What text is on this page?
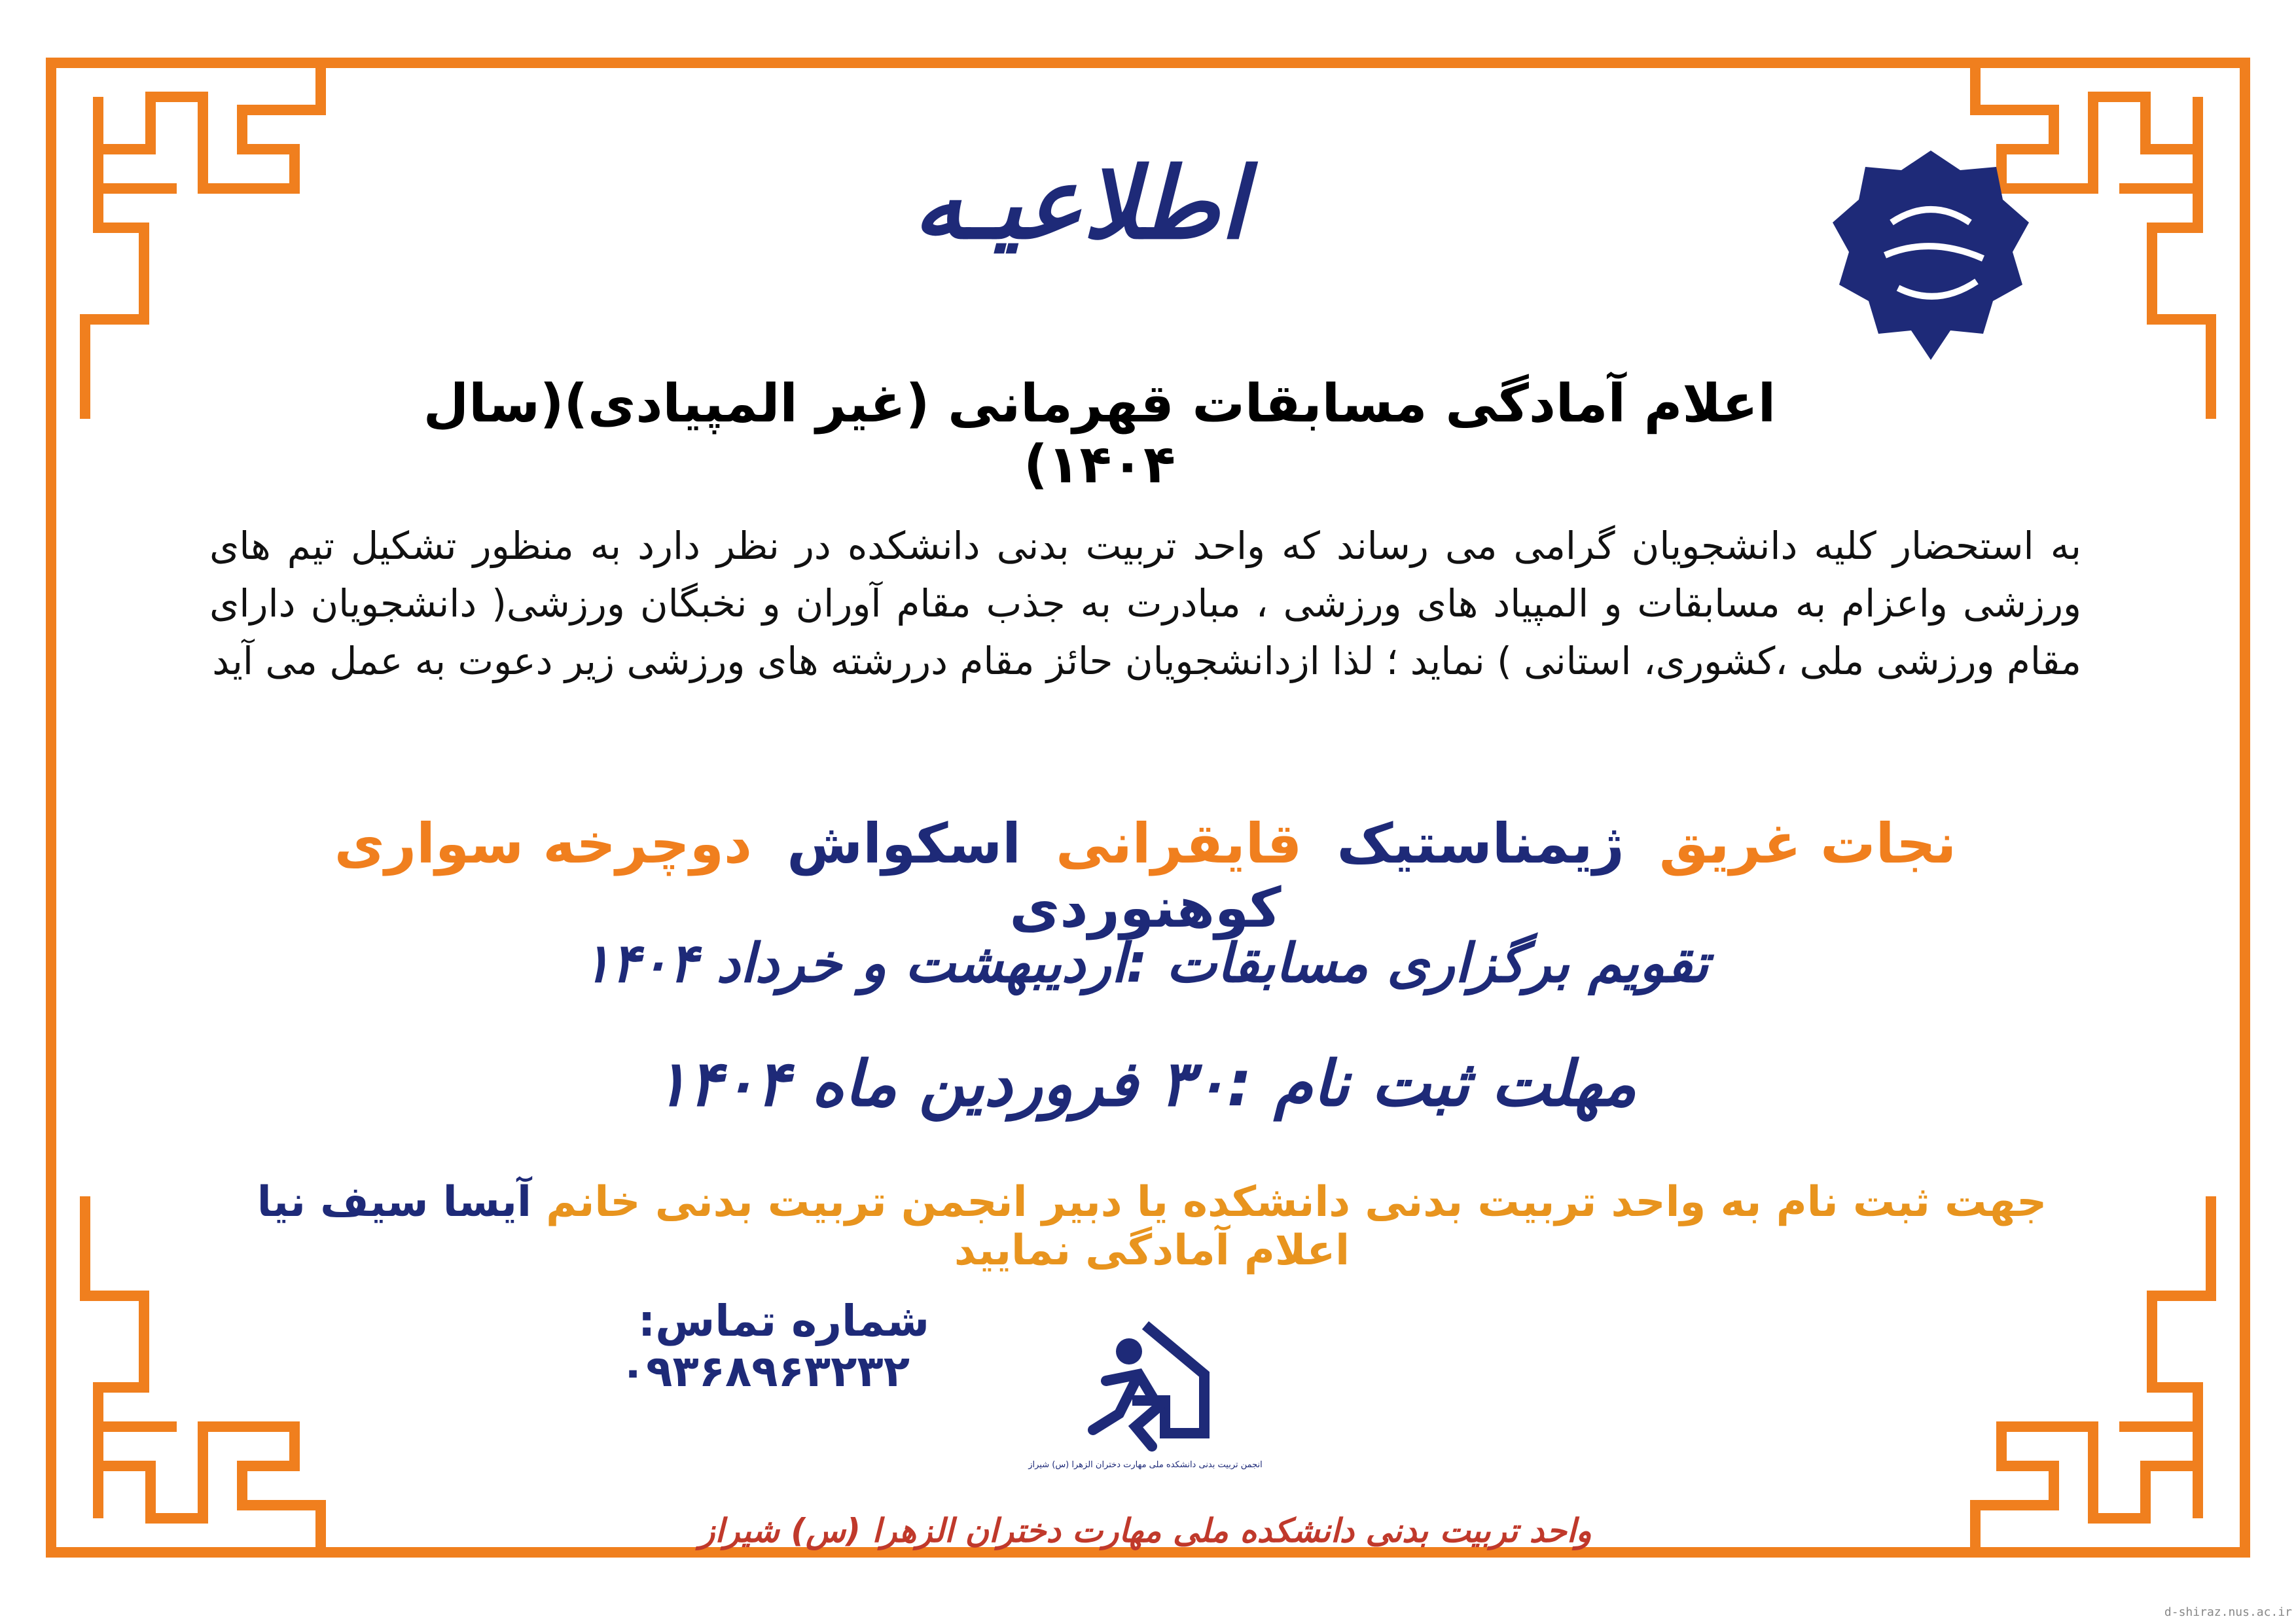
اطلاعیـه
اعلام آمادگی مسابقات قهرمانی (غیر المپیادی)(سال ۱۴۰۴)
به استحضار کلیه دانشجویان گرامی می رساند که واحد تربیت بدنی دانشکده در نظر دارد به منظور تشکیل تیم های ورزشی واعزام به مسابقات و المپیاد های ورزشی ، مبادرت به جذب مقام آوران و نخبگان ورزشی( دانشجویان دارای مقام ورزشی ملی ،کشوری، استانی ) نماید ؛ لذا ازدانشجویان حائز مقام دررشته های ورزشی زیر دعوت به عمل می آید
نجات غریق ژیمناستیک قایقرانی اسکواش دوچرخه سواری کوهنوردی
تقویم برگزاری مسابقات :اردیبهشت و خرداد ۱۴۰۴
مهلت ثبت نام :۳۰ فروردین ماه ۱۴۰۴
جهت ثبت نام به واحد تربیت بدنی دانشکده یا دبیر انجمن تربیت بدنی خانم آیسا سیف نیا اعلام آمادگی نمایید
شماره تماس: ۰۹۳۶۸۹۶۳۲۳۲
انجمن تربیت بدنی دانشکده ملی مهارت دختران الزهرا (س) شیراز
واحد تربیت بدنی دانشکده ملی مهارت دختران الزهرا (س) شیراز
d-shiraz.nus.ac.ir
